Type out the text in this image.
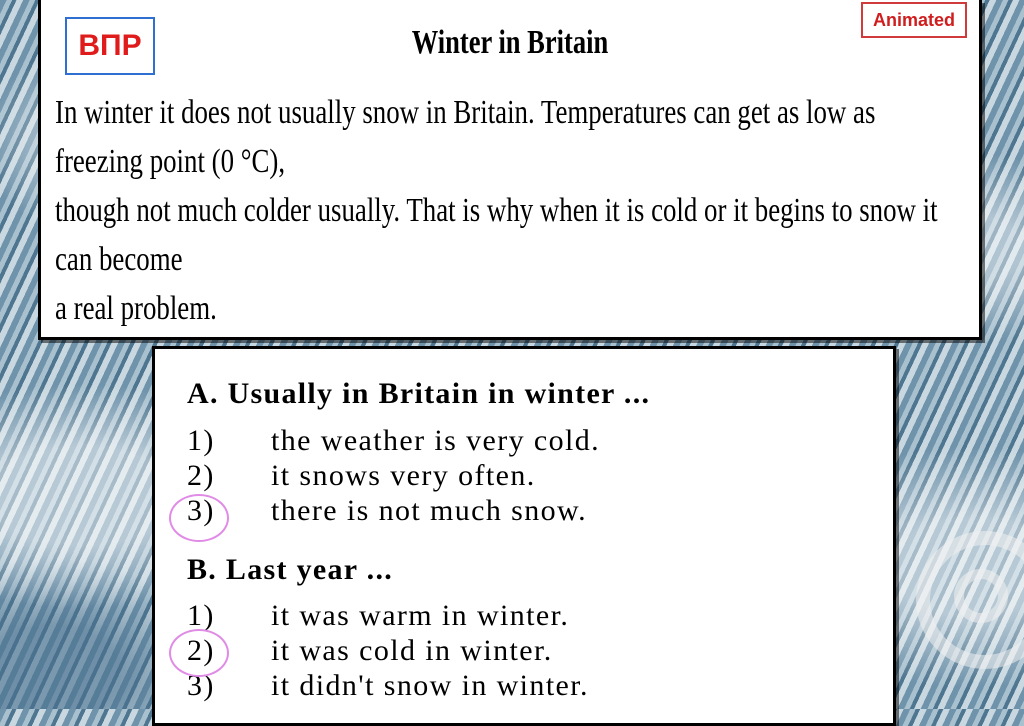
ВПР
Animated
Winter in Britain

In winter it does not usually snow in Britain. Temperatures can get as low as freezing point (0 °C),

though not much colder usually. That is why when it is cold or it begins to snow it can become

a real problem.

A. Usually in Britain in winter ...
1) the weather is very cold.
2) it snows very often.
3) there is not much snow.
B. Last year ...
1) it was warm in winter.
2) it was cold in winter.
3) it didn't snow in winter.
